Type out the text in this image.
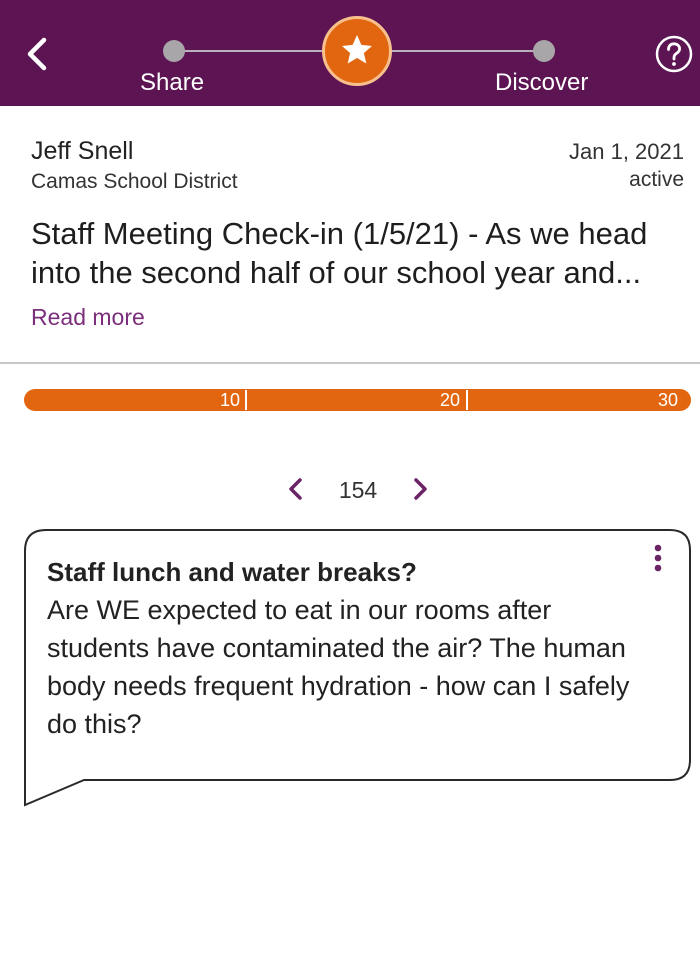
Share	Discover
Jeff Snell
Camas School District
Jan 1, 2021
active
Staff Meeting Check-in (1/5/21) - As we head into the second half of our school year and...
Read more
10	20	30
154
Staff lunch and water breaks?
Are WE expected to eat in our rooms after students have contaminated the air? The human body needs frequent hydration - how can I safely do this?
